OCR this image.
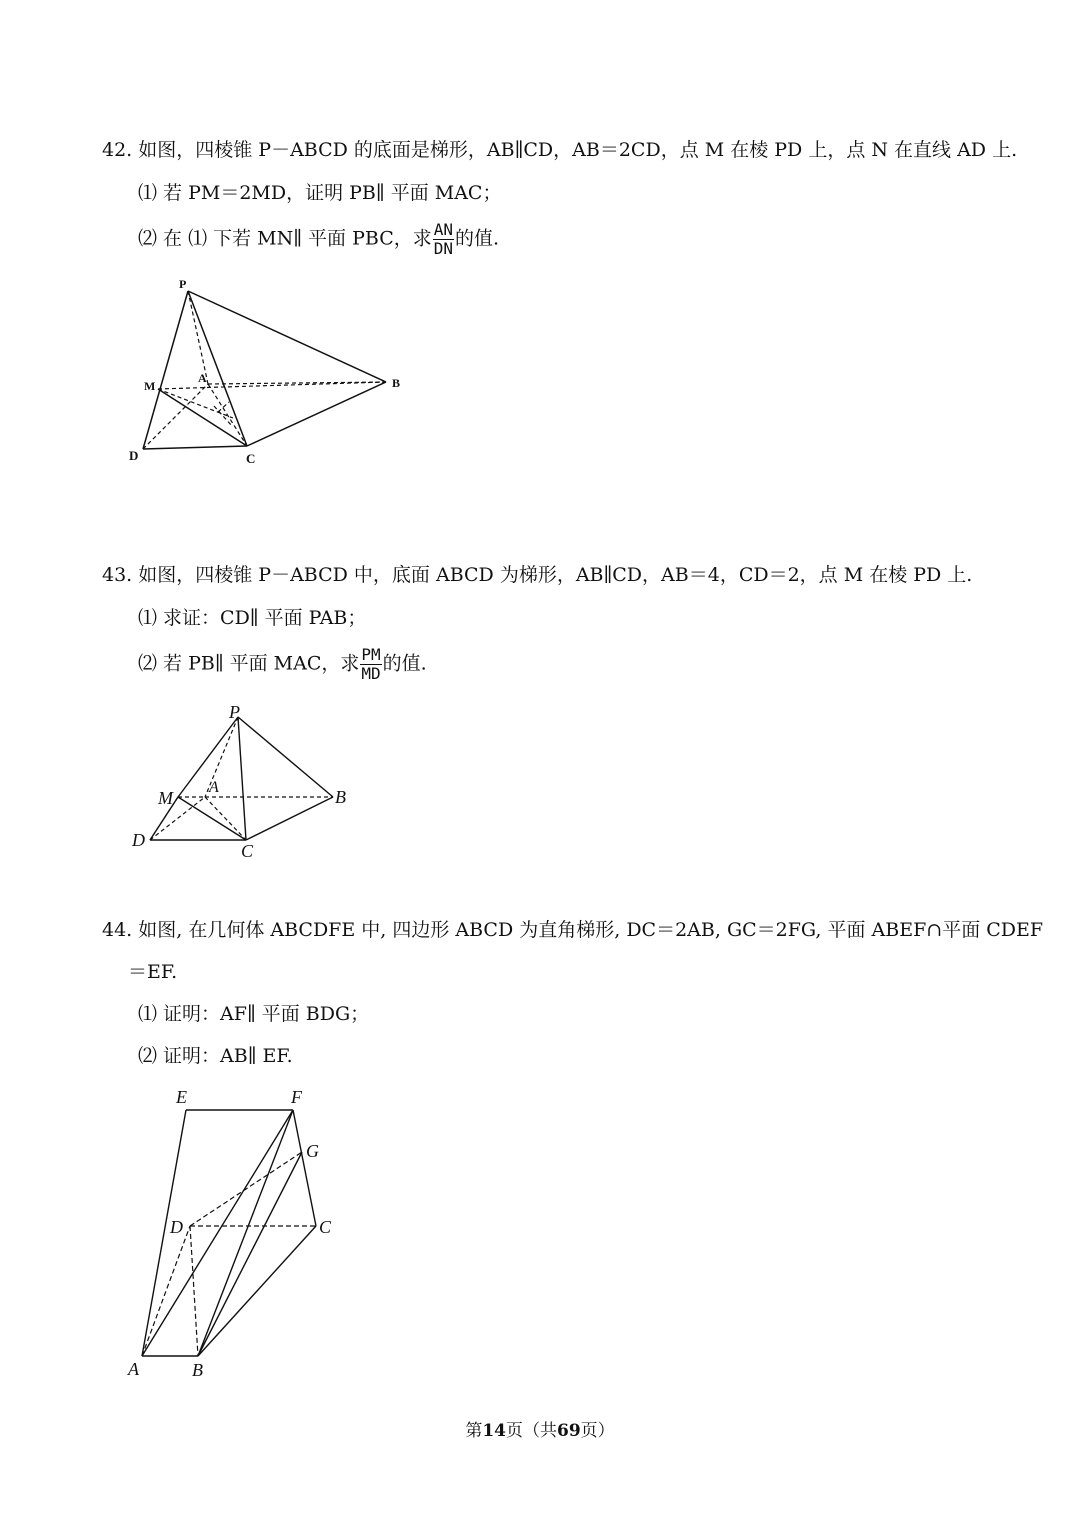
42. 如图，四棱锥 P－ABCD 的底面是梯形，AB∥CD，AB＝2CD，点 M 在棱 PD 上，点 N 在直线 AD 上.
⑴ 若 PM＝2MD，证明 PB∥ 平面 MAC；
⑵ 在 ⑴ 下若 MN∥ 平面 PBC，求 $\frac{AN}{DN}$ 的值.
P
M
A	B
D	C
43. 如图，四棱锥 P－ABCD 中，底面 ABCD 为梯形，AB∥CD，AB＝4，CD＝2，点 M 在棱 PD 上.
⑴ 求证：CD∥ 平面 PAB；
⑵ 若 PB∥ 平面 MAC，求 $\frac{PM}{MD}$ 的值.
P
M
A	B
D
C
44. 如图, 在几何体 ABCDFE 中, 四边形 ABCD 为直角梯形, DC＝2AB, GC＝2FG, 平面 ABEF∩平面 CDEF
＝EF.
⑴ 证明：AF∥ 平面 BDG；
⑵ 证明：AB∥ EF.
E	F
G
D	C
A	B
第14页（共69页）
